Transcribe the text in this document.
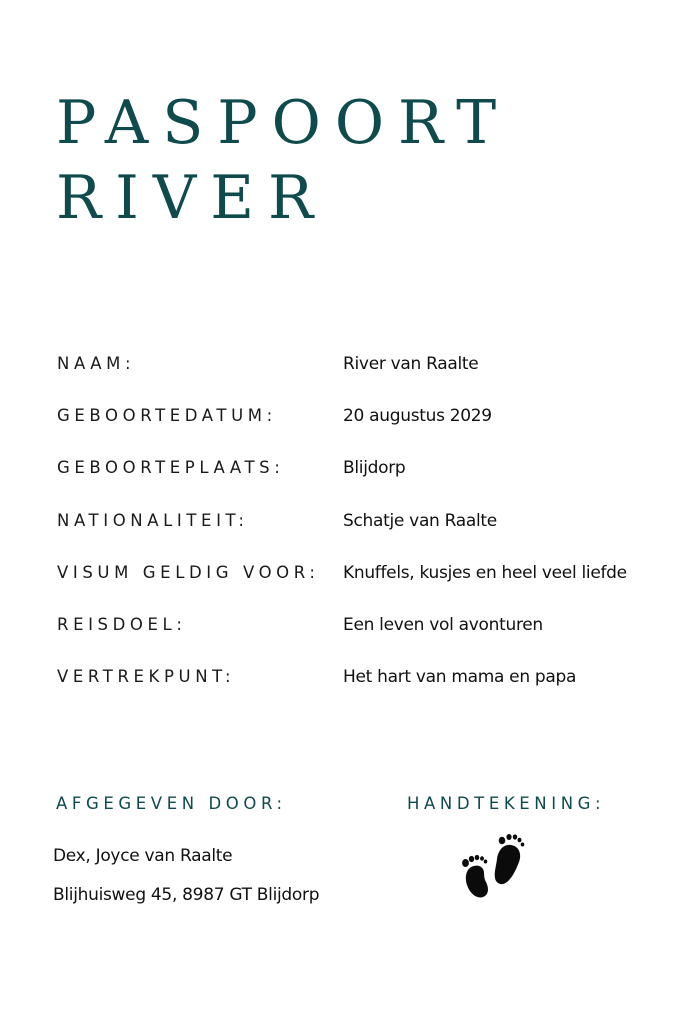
PASPOORT
RIVER
NAAM:	River van Raalte
GEBOORTEDATUM:	20 augustus 2029
GEBOORTEPLAATS:	Blijdorp
NATIONALITEIT:	Schatje van Raalte
VISUM GELDIG VOOR: Knuffels, kusjes en heel veel liefde
REISDOEL:	Een leven vol avonturen
VERTREKPUNT:	Het hart van mama en papa
AFGEGEVEN DOOR:	HANDTEKENING:
Dex, Joyce van Raalte
Blijhuisweg 45, 8987 GT Blijdorp
